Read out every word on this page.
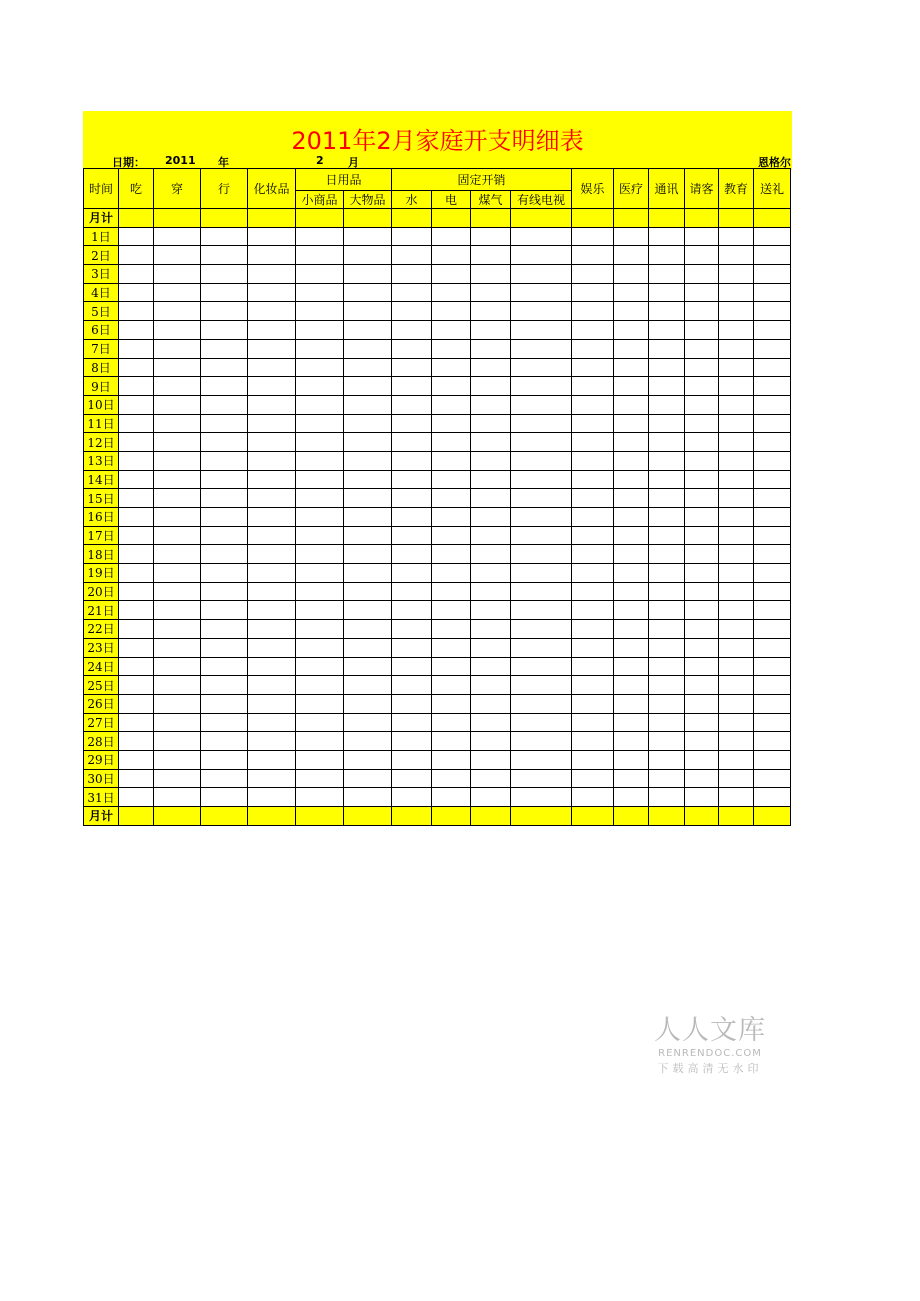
2011年2月家庭开支明细表
日期： 2011 年	2 月	恩格尔
时间	吃	穿	行	化妆品	日用品		固定开销				娱乐	医疗	通讯	请客	教育	送礼
					小商品	大物品	水	电	煤气	有线电视						
月计																
1日																
2日																
3日																
4日																
5日																
6日																
7日																
8日																
9日																
10日																
11日																
12日																
13日																
14日																
15日																
16日																
17日																
18日																
19日																
20日																
21日																
22日																
23日																
24日																
25日																
26日																
27日																
28日																
29日																
30日																
31日																
月计																
人人文库
RENRENDOC.COM
下载高清无水印
